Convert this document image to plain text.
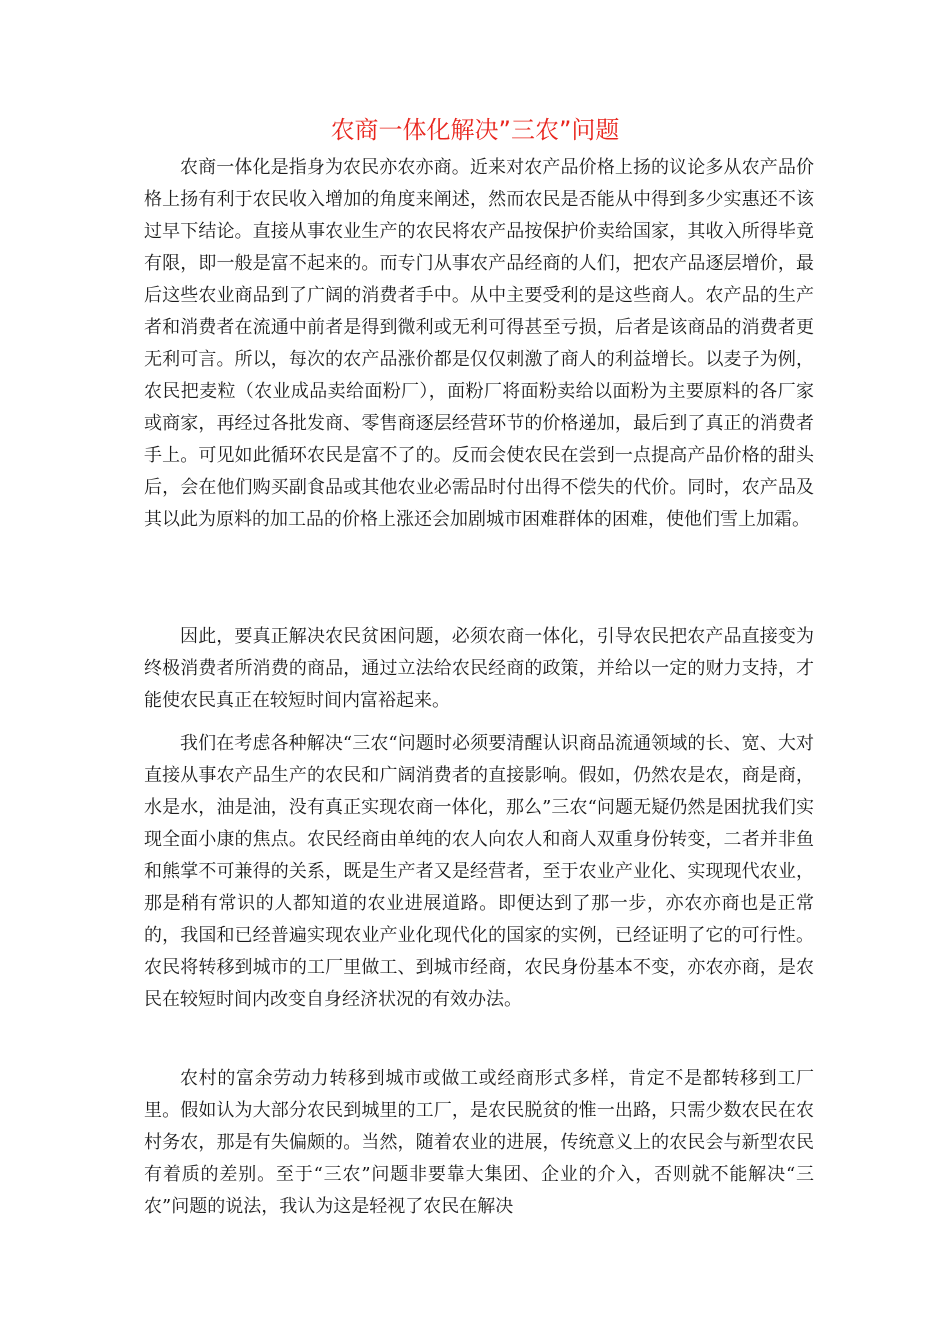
农商一体化解决”三农”问题

农商一体化是指身为农民亦农亦商。近来对农产品价格上扬的议论多从农产品价格上扬有利于农民收入增加的角度来阐述，然而农民是否能从中得到多少实惠还不该过早下结论。直接从事农业生产的农民将农产品按保护价卖给国家，其收入所得毕竟有限，即一般是富不起来的。而专门从事农产品经商的人们，把农产品逐层增价，最后这些农业商品到了广阔的消费者手中。从中主要受利的是这些商人。农产品的生产者和消费者在流通中前者是得到微利或无利可得甚至亏损，后者是该商品的消费者更无利可言。所以，每次的农产品涨价都是仅仅刺激了商人的利益增长。以麦子为例，农民把麦粒（农业成品卖给面粉厂），面粉厂将面粉卖给以面粉为主要原料的各厂家或商家，再经过各批发商、零售商逐层经营环节的价格递加，最后到了真正的消费者手上。可见如此循环农民是富不了的。反而会使农民在尝到一点提高产品价格的甜头后，会在他们购买副食品或其他农业必需品时付出得不偿失的代价。同时，农产品及其以此为原料的加工品的价格上涨还会加剧城市困难群体的困难，使他们雪上加霜。

因此，要真正解决农民贫困问题，必须农商一体化，引导农民把农产品直接变为终极消费者所消费的商品，通过立法给农民经商的政策，并给以一定的财力支持，才能使农民真正在较短时间内富裕起来。

我们在考虑各种解决“三农“问题时必须要清醒认识商品流通领域的长、宽、大对直接从事农产品生产的农民和广阔消费者的直接影响。假如，仍然农是农，商是商，水是水，油是油，没有真正实现农商一体化，那么”三农“问题无疑仍然是困扰我们实现全面小康的焦点。农民经商由单纯的农人向农人和商人双重身份转变，二者并非鱼和熊掌不可兼得的关系，既是生产者又是经营者，至于农业产业化、实现现代农业，那是稍有常识的人都知道的农业进展道路。即便达到了那一步，亦农亦商也是正常的，我国和已经普遍实现农业产业化现代化的国家的实例，已经证明了它的可行性。农民将转移到城市的工厂里做工、到城市经商，农民身份基本不变，亦农亦商，是农民在较短时间内改变自身经济状况的有效办法。

农村的富余劳动力转移到城市或做工或经商形式多样，肯定不是都转移到工厂里。假如认为大部分农民到城里的工厂，是农民脱贫的惟一出路，只需少数农民在农村务农，那是有失偏颇的。当然，随着农业的进展，传统意义上的农民会与新型农民有着质的差别。至于“三农”问题非要靠大集团、企业的介入，否则就不能解决“三农”问题的说法，我认为这是轻视了农民在解决
